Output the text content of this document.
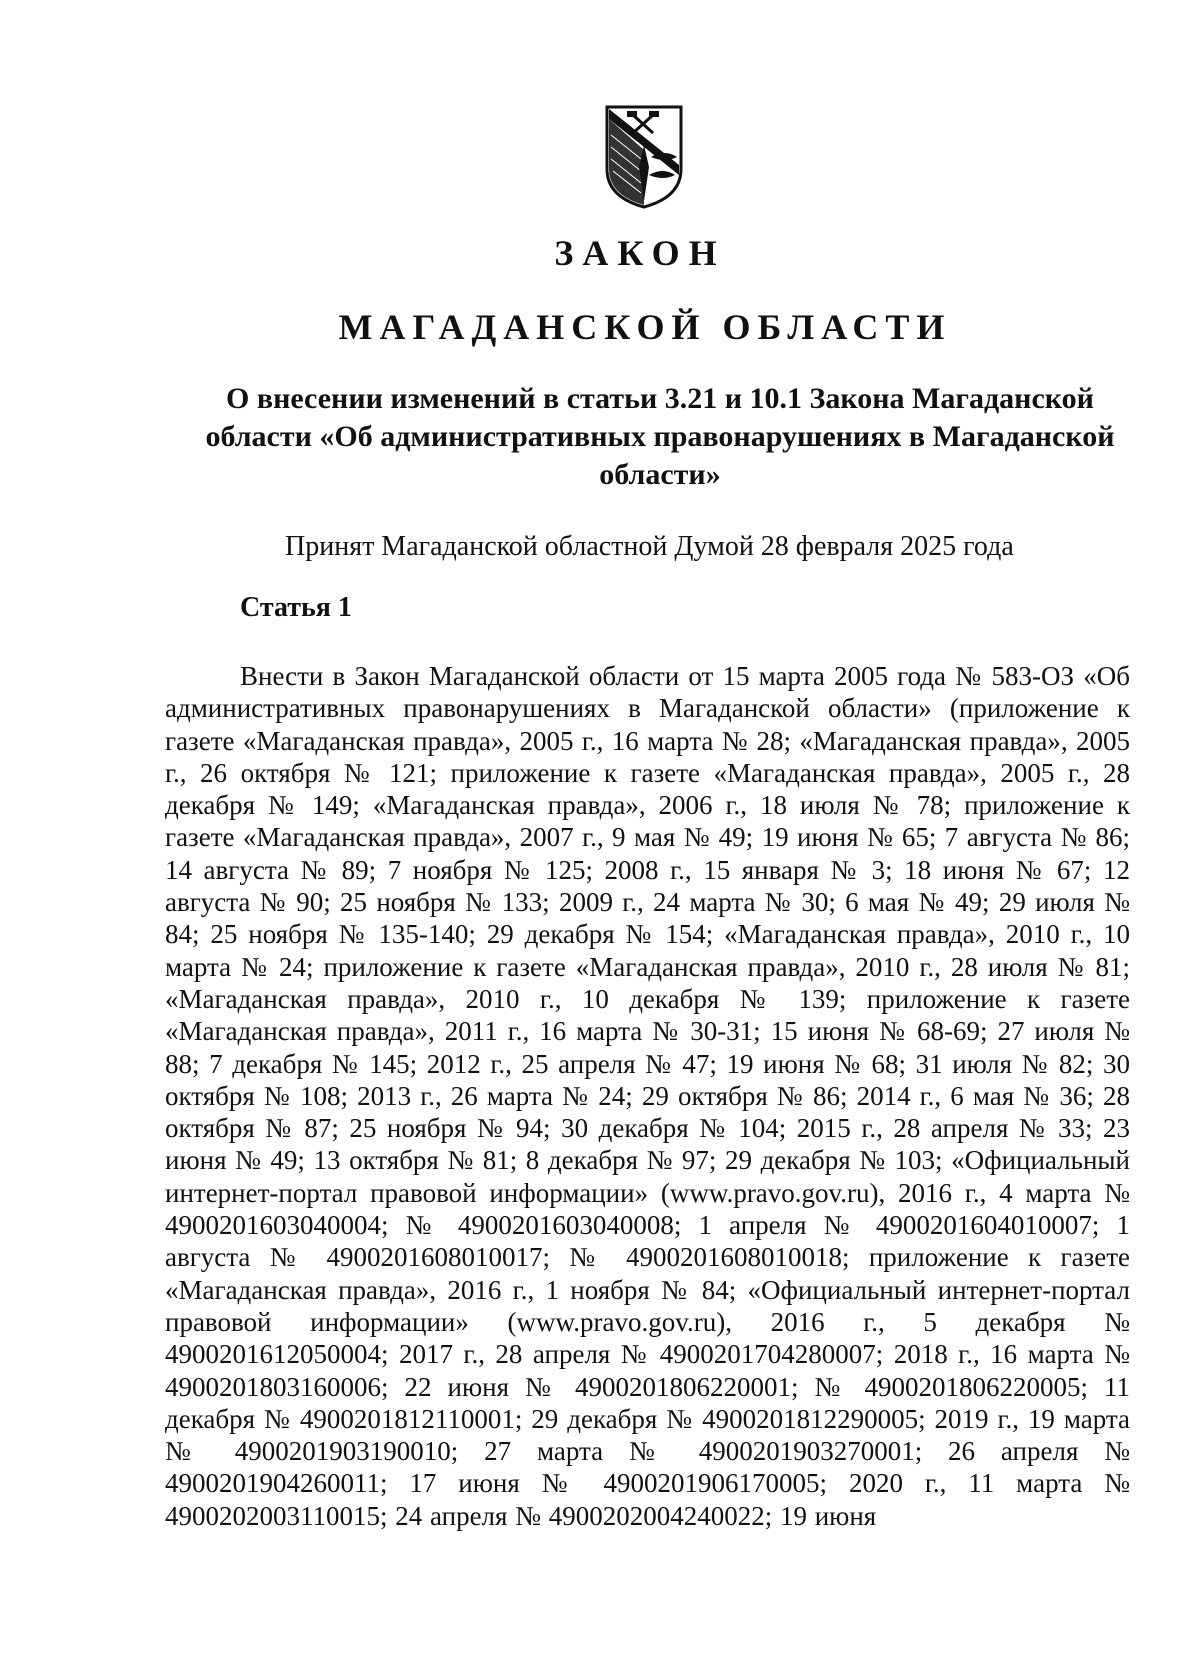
ЗАКОН
МАГАДАНСКОЙ ОБЛАСТИ
О внесении изменений в статьи 3.21 и 10.1 Закона Магаданской области «Об административных правонарушениях в Магаданской области»
Принят Магаданской областной Думой 28 февраля 2025 года
Статья 1
Внести в Закон Магаданской области от 15 марта 2005 года № 583-ОЗ «Об административных правонарушениях в Магаданской области» (приложение к газете «Магаданская правда», 2005 г., 16 марта № 28; «Магаданская правда», 2005 г., 26 октября № 121; приложение к газете «Магаданская правда», 2005 г., 28 декабря № 149; «Магаданская правда», 2006 г., 18 июля № 78; приложение к газете «Магаданская правда», 2007 г., 9 мая № 49; 19 июня № 65; 7 августа № 86; 14 августа № 89; 7 ноября № 125; 2008 г., 15 января № 3; 18 июня № 67; 12 августа № 90; 25 ноября № 133; 2009 г., 24 марта № 30; 6 мая № 49; 29 июля № 84; 25 ноября № 135-140; 29 декабря № 154; «Магаданская правда», 2010 г., 10 марта № 24; приложение к газете «Магаданская правда», 2010 г., 28 июля № 81; «Магаданская правда», 2010 г., 10 декабря № 139; приложение к газете «Магаданская правда», 2011 г., 16 марта № 30-31; 15 июня № 68-69; 27 июля № 88; 7 декабря № 145; 2012 г., 25 апреля № 47; 19 июня № 68; 31 июля № 82; 30 октября № 108; 2013 г., 26 марта № 24; 29 октября № 86; 2014 г., 6 мая № 36; 28 октября № 87; 25 ноября № 94; 30 декабря № 104; 2015 г., 28 апреля № 33; 23 июня № 49; 13 октября № 81; 8 декабря № 97; 29 декабря № 103; «Официальный интернет-портал правовой информации» (www.pravo.gov.ru), 2016 г., 4 марта № 4900201603040004; № 4900201603040008; 1 апреля № 4900201604010007; 1 августа № 4900201608010017; № 4900201608010018; приложение к газете «Магаданская правда», 2016 г., 1 ноября № 84; «Официальный интернет-портал правовой информации» (www.pravo.gov.ru), 2016 г., 5 декабря № 4900201612050004; 2017 г., 28 апреля № 4900201704280007; 2018 г., 16 марта № 4900201803160006; 22 июня № 4900201806220001; № 4900201806220005; 11 декабря № 4900201812110001; 29 декабря № 4900201812290005; 2019 г., 19 марта № 4900201903190010; 27 марта № 4900201903270001; 26 апреля № 4900201904260011; 17 июня № 4900201906170005; 2020 г., 11 марта № 4900202003110015; 24 апреля № 4900202004240022; 19 июня
